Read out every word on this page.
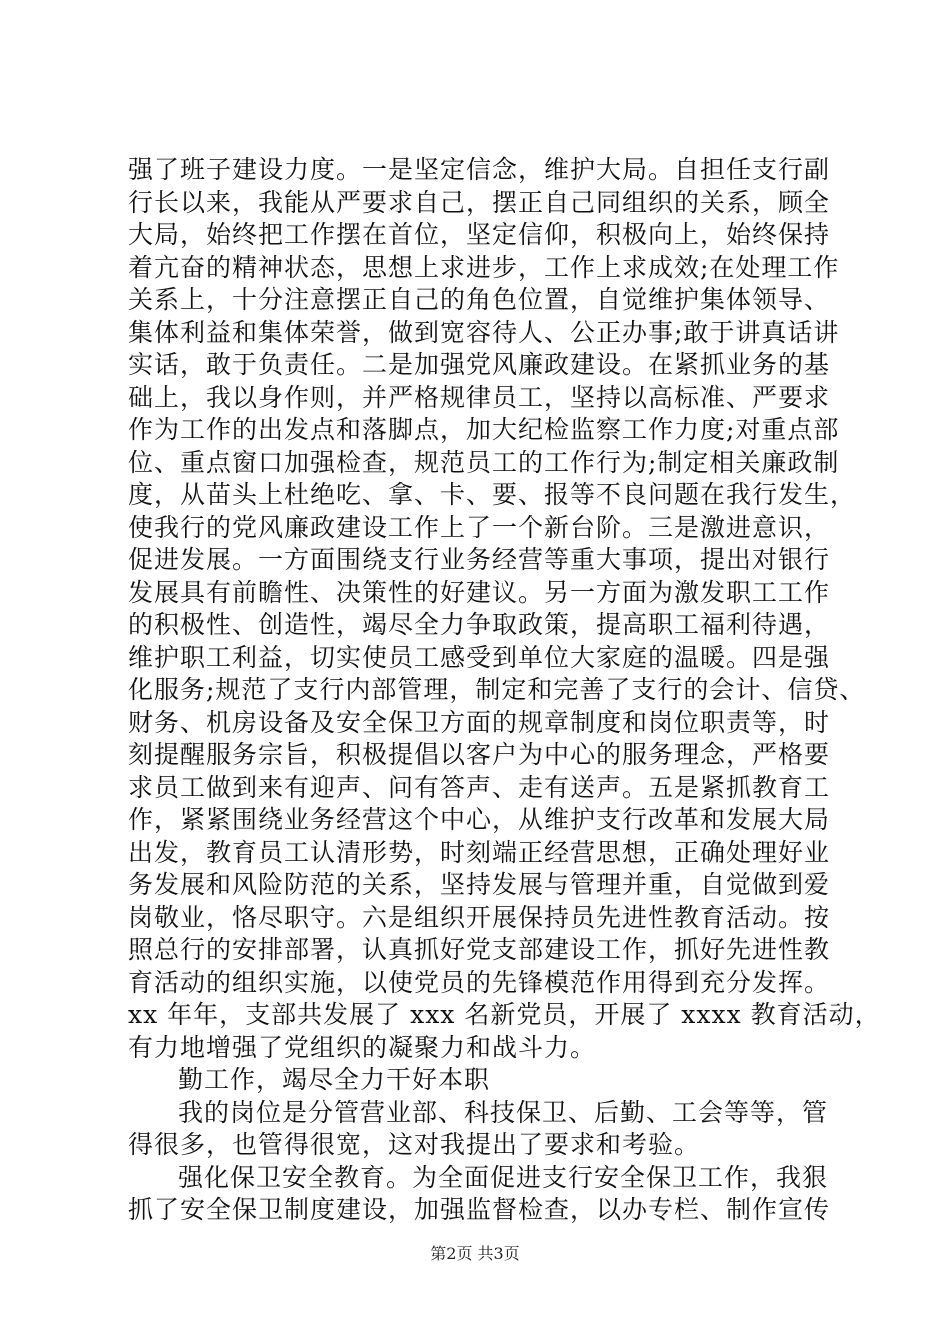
强了班子建设力度。一是坚定信念，维护大局。自担任支行副
行长以来，我能从严要求自己，摆正自己同组织的关系，顾全
大局，始终把工作摆在首位，坚定信仰，积极向上，始终保持
着亢奋的精神状态，思想上求进步，工作上求成效;在处理工作
关系上，十分注意摆正自己的角色位置，自觉维护集体领导、
集体利益和集体荣誉，做到宽容待人、公正办事;敢于讲真话讲
实话，敢于负责任。二是加强党风廉政建设。在紧抓业务的基
础上，我以身作则，并严格规律员工，坚持以高标准、严要求
作为工作的出发点和落脚点，加大纪检监察工作力度;对重点部
位、重点窗口加强检查，规范员工的工作行为;制定相关廉政制
度，从苗头上杜绝吃、拿、卡、要、报等不良问题在我行发生，
使我行的党风廉政建设工作上了一个新台阶。三是激进意识，
促进发展。一方面围绕支行业务经营等重大事项，提出对银行
发展具有前瞻性、决策性的好建议。另一方面为激发职工工作
的积极性、创造性，竭尽全力争取政策，提高职工福利待遇，
维护职工利益，切实使员工感受到单位大家庭的温暖。四是强
化服务;规范了支行内部管理，制定和完善了支行的会计、信贷、
财务、机房设备及安全保卫方面的规章制度和岗位职责等，时
刻提醒服务宗旨，积极提倡以客户为中心的服务理念，严格要
求员工做到来有迎声、问有答声、走有送声。五是紧抓教育工
作，紧紧围绕业务经营这个中心，从维护支行改革和发展大局
出发，教育员工认清形势，时刻端正经营思想，正确处理好业
务发展和风险防范的关系，坚持发展与管理并重，自觉做到爱
岗敬业，恪尽职守。六是组织开展保持员先进性教育活动。按
照总行的安排部署，认真抓好党支部建设工作，抓好先进性教
育活动的组织实施，以使党员的先锋模范作用得到充分发挥。
xx 年年，支部共发展了 xxx 名新党员，开展了 xxxx 教育活动，
有力地增强了党组织的凝聚力和战斗力。
勤工作，竭尽全力干好本职
我的岗位是分管营业部、科技保卫、后勤、工会等等，管
得很多，也管得很宽，这对我提出了要求和考验。
强化保卫安全教育。为全面促进支行安全保卫工作，我狠
抓了安全保卫制度建设，加强监督检查，以办专栏、制作宣传
第2页 共3页
